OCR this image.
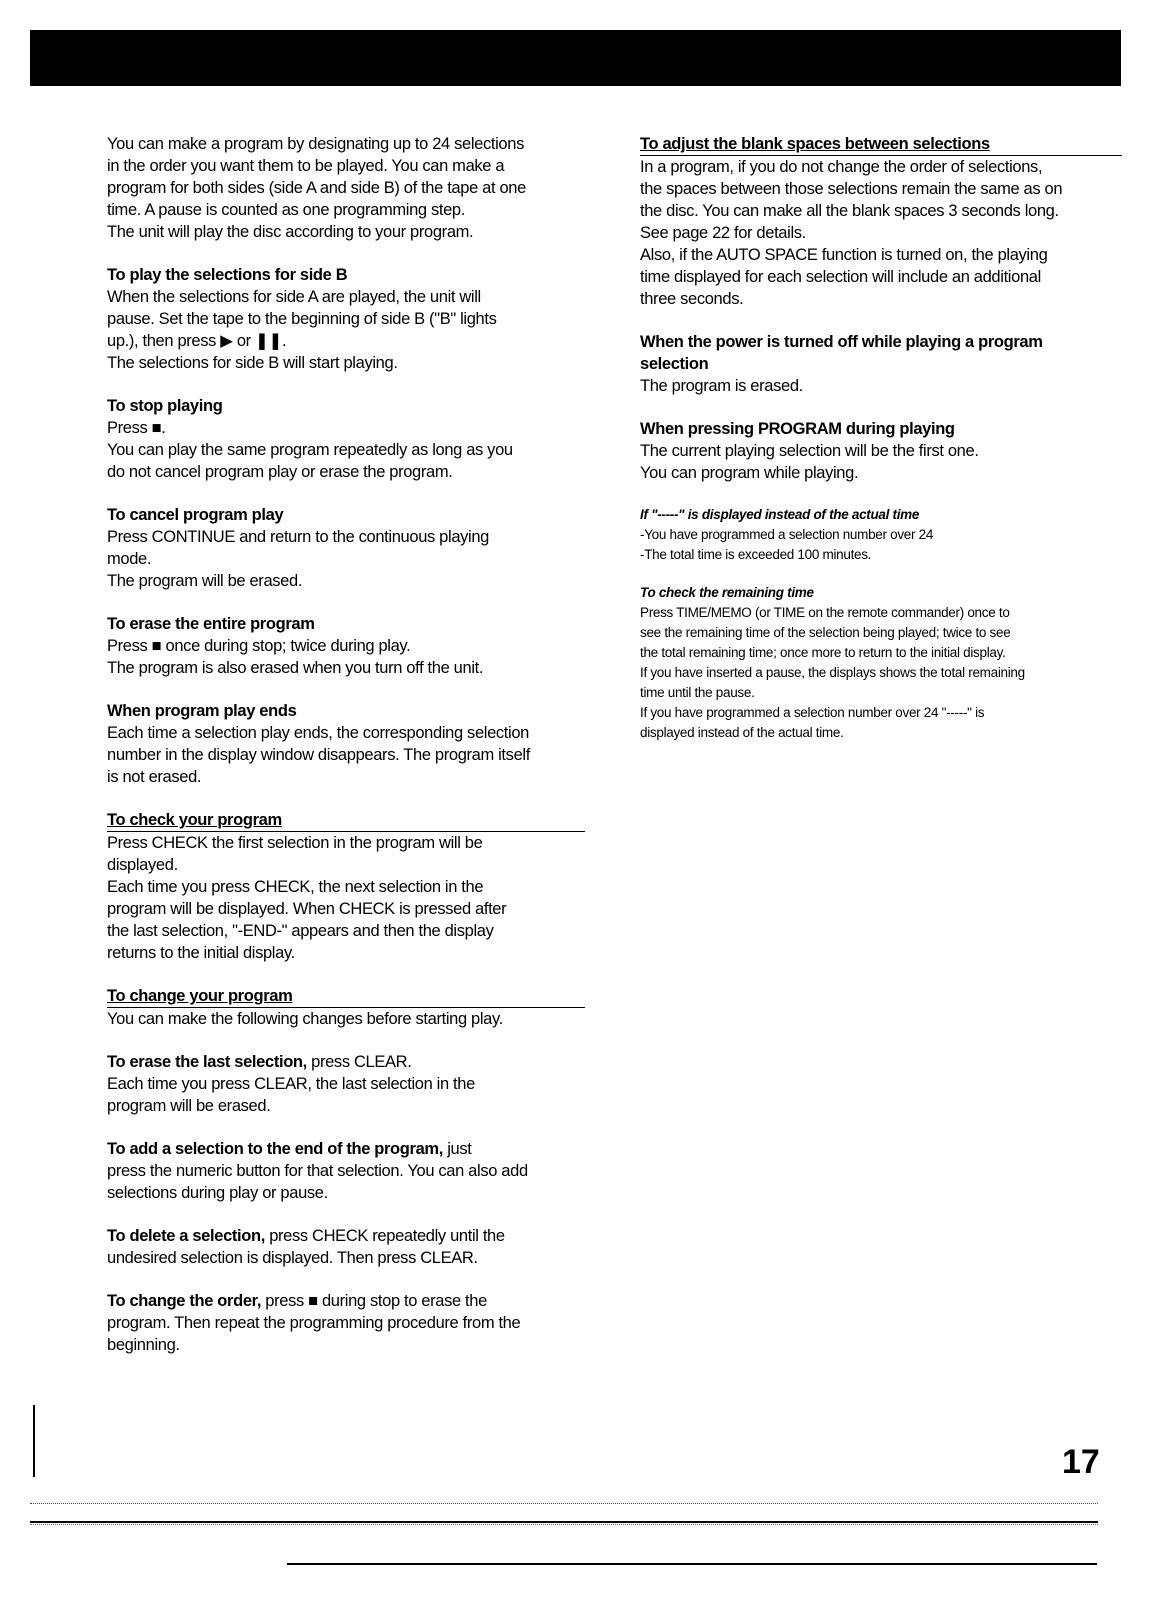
You can make a program by designating up to 24 selections
in the order you want them to be played. You can make a
program for both sides (side A and side B) of the tape at one
time. A pause is counted as one programming step.
The unit will play the disc according to your program.
To play the selections for side B
When the selections for side A are played, the unit will
pause. Set the tape to the beginning of side B ("B" lights
up.), then press ▶ or ❚❚.
The selections for side B will start playing.
To stop playing
Press ■.
You can play the same program repeatedly as long as you
do not cancel program play or erase the program.
To cancel program play
Press CONTINUE and return to the continuous playing
mode.
The program will be erased.
To erase the entire program
Press ■ once during stop; twice during play.
The program is also erased when you turn off the unit.
When program play ends
Each time a selection play ends, the corresponding selection
number in the display window disappears. The program itself
is not erased.
To check your program
Press CHECK the first selection in the program will be
displayed.
Each time you press CHECK, the next selection in the
program will be displayed. When CHECK is pressed after
the last selection, "-END-" appears and then the display
returns to the initial display.
To change your program
You can make the following changes before starting play.
To erase the last selection, press CLEAR.
Each time you press CLEAR, the last selection in the
program will be erased.
To add a selection to the end of the program, just
press the numeric button for that selection. You can also add
selections during play or pause.
To delete a selection, press CHECK repeatedly until the
undesired selection is displayed. Then press CLEAR.
To change the order, press ■ during stop to erase the
program. Then repeat the programming procedure from the
beginning.
To adjust the blank spaces between selections
In a program, if you do not change the order of selections,
the spaces between those selections remain the same as on
the disc. You can make all the blank spaces 3 seconds long.
See page 22 for details.
Also, if the AUTO SPACE function is turned on, the playing
time displayed for each selection will include an additional
three seconds.
When the power is turned off while playing a program
selection
The program is erased.
When pressing PROGRAM during playing
The current playing selection will be the first one.
You can program while playing.
If "-----" is displayed instead of the actual time
-You have programmed a selection number over 24
-The total time is exceeded 100 minutes.
To check the remaining time
Press TIME/MEMO (or TIME on the remote commander) once to
see the remaining time of the selection being played; twice to see
the total remaining time; once more to return to the initial display.
If you have inserted a pause, the displays shows the total remaining
time until the pause.
If you have programmed a selection number over 24 "-----" is
displayed instead of the actual time.
17
